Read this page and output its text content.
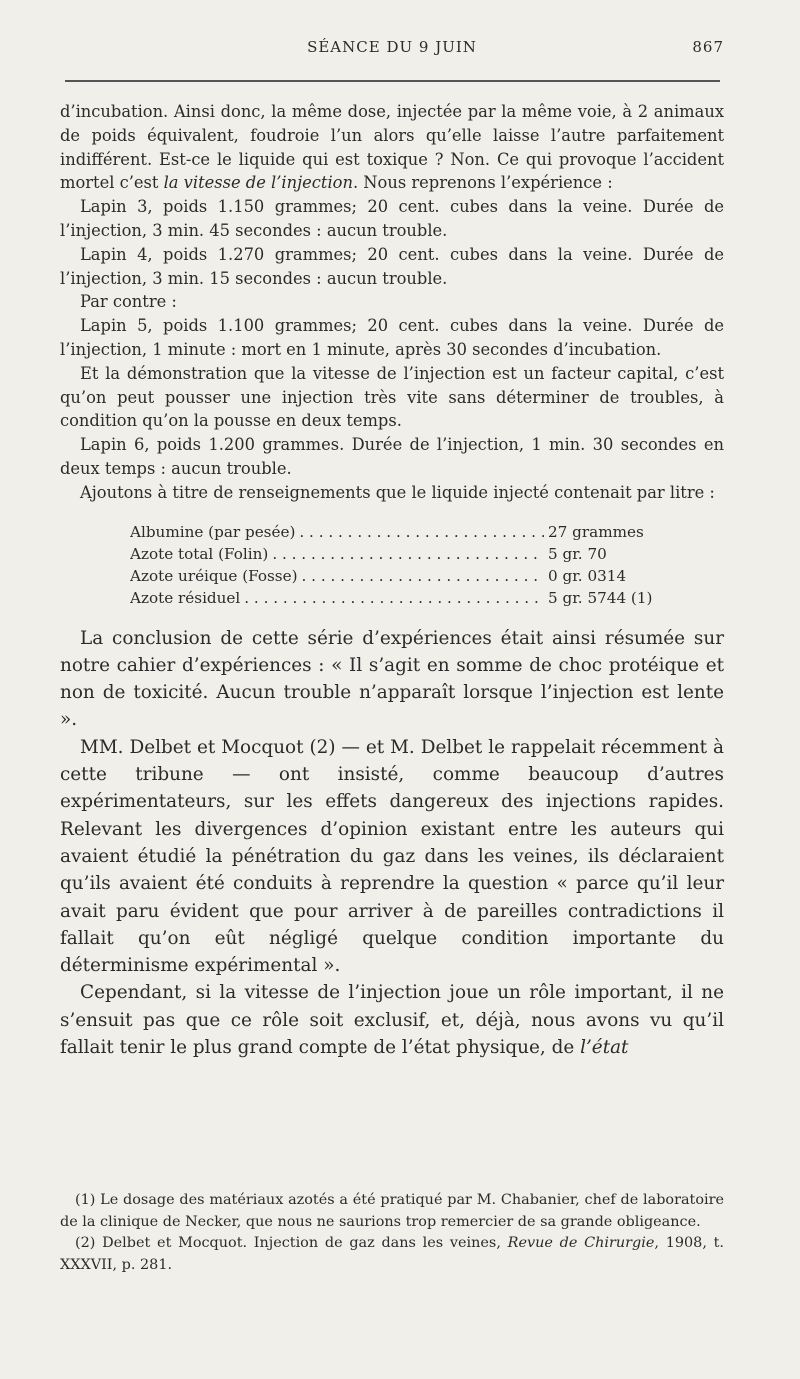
SÉANCE DU 9 JUIN	867

d’incubation. Ainsi donc, la même dose, injectée par la même voie, à 2 animaux de poids équivalent, foudroie l’un alors qu’elle laisse l’autre parfaitement indifférent. Est-ce le liquide qui est toxique ? Non. Ce qui provoque l’accident mortel c’est la vitesse de l’injection. Nous reprenons l’expérience :

Lapin 3, poids 1.150 grammes; 20 cent. cubes dans la veine. Durée de l’injection, 3 min. 45 secondes : aucun trouble.

Lapin 4, poids 1.270 grammes; 20 cent. cubes dans la veine. Durée de l’injection, 3 min. 15 secondes : aucun trouble.

Par contre :

Lapin 5, poids 1.100 grammes; 20 cent. cubes dans la veine. Durée de l’injection, 1 minute : mort en 1 minute, après 30 secondes d’incubation.

Et la démonstration que la vitesse de l’injection est un facteur capital, c’est qu’on peut pousser une injection très vite sans déterminer de troubles, à condition qu’on la pousse en deux temps.

Lapin 6, poids 1.200 grammes. Durée de l’injection, 1 min. 30 secondes en deux temps : aucun trouble.

Ajoutons à titre de renseignements que le liquide injecté contenait par litre :

Albumine (par pesée) . . .	27 grammes
Azote total (Folin) . . .	5 gr. 70
Azote uréique (Fosse) . . .	0 gr. 0314
Azote résiduel . . .	5 gr. 5744 (1)

La conclusion de cette série d’expériences était ainsi résumée sur notre cahier d’expériences : « Il s’agit en somme de choc protéique et non de toxicité. Aucun trouble n’apparaît lorsque l’injection est lente ».

MM. Delbet et Mocquot (2) — et M. Delbet le rappelait récemment à cette tribune — ont insisté, comme beaucoup d’autres expérimentateurs, sur les effets dangereux des injections rapides. Relevant les divergences d’opinion existant entre les auteurs qui avaient étudié la pénétration du gaz dans les veines, ils déclaraient qu’ils avaient été conduits à reprendre la question « parce qu’il leur avait paru évident que pour arriver à de pareilles contradictions il fallait qu’on eût négligé quelque condition importante du déterminisme expérimental ».

Cependant, si la vitesse de l’injection joue un rôle important, il ne s’ensuit pas que ce rôle soit exclusif, et, déjà, nous avons vu qu’il fallait tenir le plus grand compte de l’état physique, de l’état

(1) Le dosage des matériaux azotés a été pratiqué par M. Chabanier, chef de laboratoire de la clinique de Necker, que nous ne saurions trop remercier de sa grande obligeance.

(2) Delbet et Mocquot. Injection de gaz dans les veines, Revue de Chirurgie, 1908, t. XXXVII, p. 281.
